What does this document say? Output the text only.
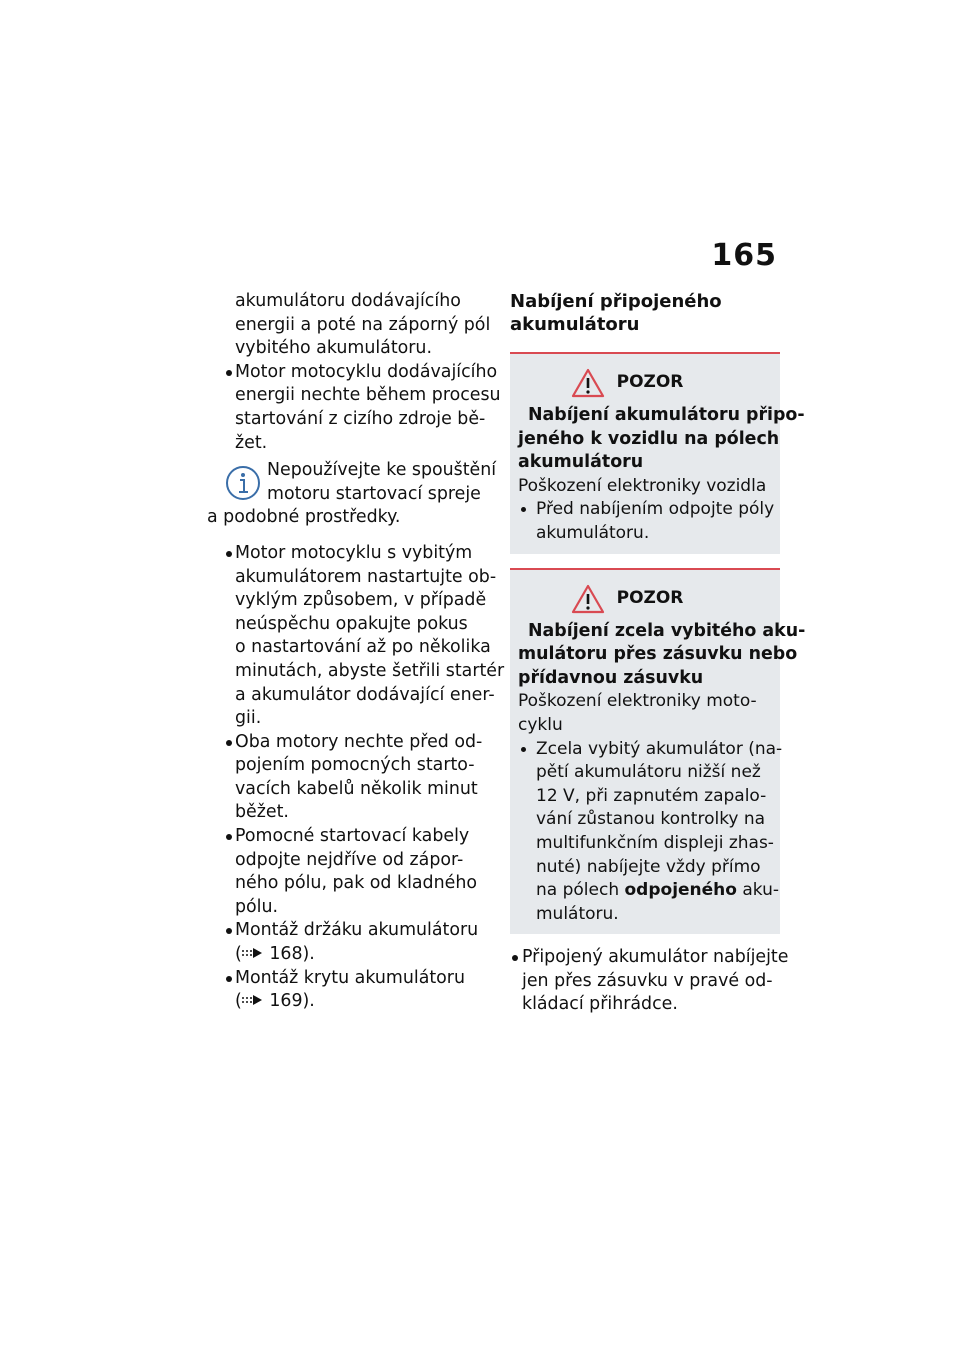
165
akumulátoru dodávajícího
energii a poté na záporný pól
vybitého akumulátoru.
Motor motocyklu dodávajícího
energii nechte během procesu
startování z cizího zdroje bě-
žet.
Nepoužívejte ke spouštění
motoru startovací spreje
a podobné prostředky.
Motor motocyklu s vybitým
akumulátorem nastartujte ob-
vyklým způsobem, v případě
neúspěchu opakujte pokus
o nastartování až po několika
minutách, abyste šetřili startér
a akumulátor dodávající ener-
gii.
Oba motory nechte před od-
pojením pomocných starto-
vacích kabelů několik minut
běžet.
Pomocné startovací kabely
odpojte nejdříve od zápor-
ného pólu, pak od kladného
pólu.
Montáž držáku akumulátoru
( 168).
Montáž krytu akumulátoru
( 169).
Nabíjení připojeného
akumulátoru
POZOR
Nabíjení akumulátoru připo-
jeného k vozidlu na pólech
akumulátoru
Poškození elektroniky vozidla
Před nabíjením odpojte póly
akumulátoru.
POZOR
Nabíjení zcela vybitého aku-
mulátoru přes zásuvku nebo
přídavnou zásuvku
Poškození elektroniky moto-
cyklu
Zcela vybitý akumulátor (na-
pětí akumulátoru nižší než
12 V, při zapnutém zapalo-
vání zůstanou kontrolky na
multifunkčním displeji zhas-
nuté) nabíjejte vždy přímo
na pólech odpojeného aku-
mulátoru.
Připojený akumulátor nabíjejte
jen přes zásuvku v pravé od-
kládací přihrádce.
